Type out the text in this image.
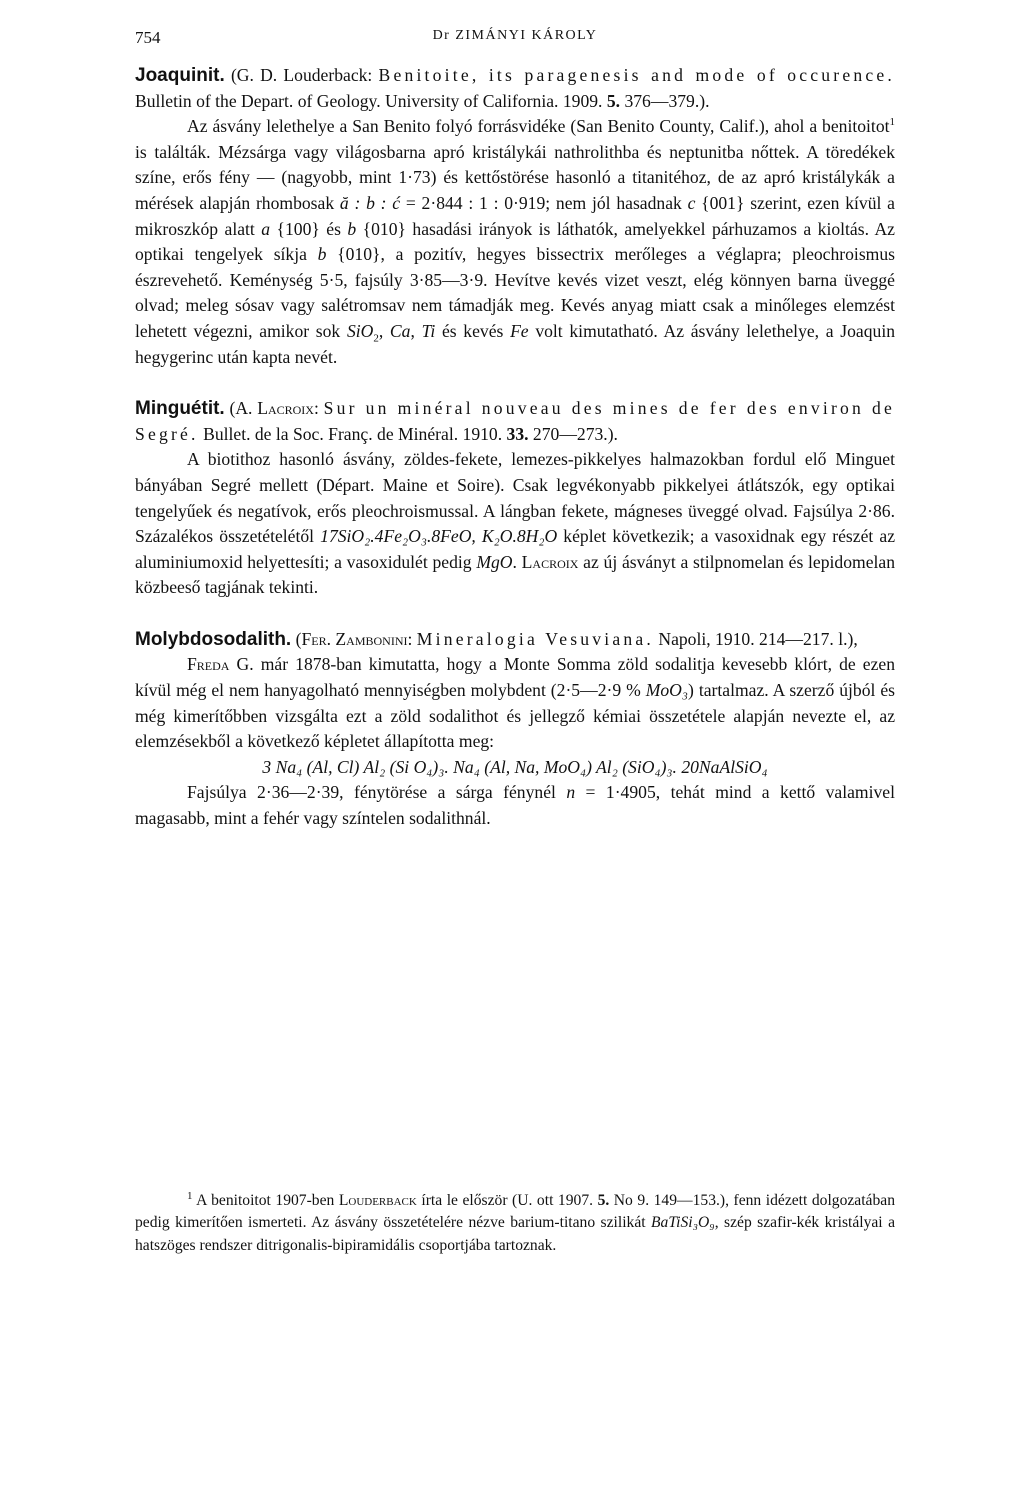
754	Dr ZIMÁNYI KÁROLY

Joaquinit. (G. D. Louderback: Benitoite, its paragenesis and mode of occurence. Bulletin of the Depart. of Geology. University of California. 1909. 5. 376—379.).

Az ásvány lelethelye a San Benito folyó forrásvidéke (San Benito County, Calif.), ahol a benitoitot$^1$ is találták. Mézsárga vagy világosbarna apró kristálykái nathrolithba és neptunitba nőttek. A töredékek színe, erős fény — (nagyobb, mint 1·73) és kettőstörése hasonló a titanitéhoz, de az apró kristálykák a mérések alapján rhombosak ă : b : ć = 2·844 : 1 : 0·919; nem jól hasadnak c {001} szerint, ezen kívül a mikroszkóp alatt a {100} és b {010} hasadási irányok is láthatók, amelyekkel párhuzamos a kioltás. Az optikai tengelyek síkja b {010}, a pozitív, hegyes bissectrix merőleges a véglapra; pleochroismus észrevehető. Keménység 5·5, fajsúly 3·85—3·9. Hevítve kevés vizet veszt, elég könnyen barna üveggé olvad; meleg sósav vagy salétromsav nem támadják meg. Kevés anyag miatt csak a minőleges elemzést lehetett végezni, amikor sok SiO$_2$, Ca, Ti és kevés Fe volt kimutatható. Az ásvány lelethelye, a Joaquin hegygerinc után kapta nevét.

Minguétit. (A. Lacroix: Sur un minéral nouveau des mines de fer des environ de Segré. Bullet. de la Soc. Franç. de Minéral. 1910. 33. 270—273.).

A biotithoz hasonló ásvány, zöldes-fekete, lemezes-pikkelyes halmazokban fordul elő Minguet bányában Segré mellett (Départ. Maine et Soire). Csak legvékonyabb pikkelyei átlátszók, egy optikai tengelyűek és negatívok, erős pleochroismussal. A lángban fekete, mágneses üveggé olvad. Fajsúlya 2·86. Százalékos összetételétől 17SiO₂.4Fe₂O₃.8FeO, K₂O.8H₂O képlet következik; a vasoxidnak egy részét az aluminiumoxid helyettesíti; a vasoxidulét pedig MgO. Lacroix az új ásványt a stilpnomelan és lepidomelan közbeeső tagjának tekinti.

Molybdosodalith. (Fer. Zambonini: Mineralogia Vesuviana. Napoli, 1910. 214—217. l.),

Freda G. már 1878-ban kimutatta, hogy a Monte Somma zöld sodalitja kevesebb klórt, de ezen kívül még el nem hanyagolható mennyiségben molybdent (2·5—2·9 % MoO₃) tartalmaz. A szerző újból és még kimerítőbben vizsgálta ezt a zöld sodalithot és jellegző kémiai összetétele alapján nevezte el, az elemzésekből a következő képletet állapította meg:

3 Na₄ (Al, Cl) Al₂ (Si O₄)₃. Na₄ (Al, Na, MoO₄) Al₂ (SiO₄)₃. 20NaAlSiO₄

Fajsúlya 2·36—2·39, fénytörése a sárga fénynél n = 1·4905, tehát mind a kettő valamivel magasabb, mint a fehér vagy színtelen sodalithnál.

$^1$ A benitoitot 1907-ben Louderback írta le először (U. ott 1907. 5. No 9. 149—153.), fenn idézett dolgozatában pedig kimerítően ismerteti. Az ásvány összetételére nézve barium-titano szilikát BaTiSi₃O₉, szép szafir-kék kristályai a hatszöges rendszer ditrigonalis-bipiramidális csoportjába tartoznak.
